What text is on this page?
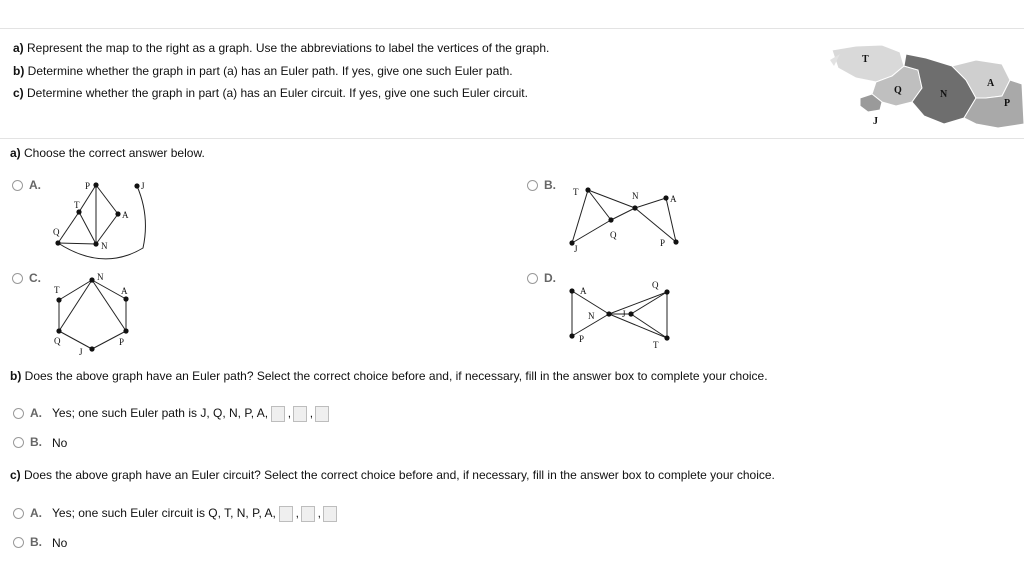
a) Represent the map to the right as a graph. Use the abbreviations to label the vertices of the graph.
b) Determine whether the graph in part (a) has an Euler path. If yes, give one such Euler path.
c) Determine whether the graph in part (a) has an Euler circuit. If yes, give one such Euler circuit.
T
Q	N
A
P
J
a) Choose the correct answer below.
A.	P	J
T
A
Q
N
B. T	N	A
Q
P
J
C.	N
T	A
Q	P
J
D.
A
Q
N	J
P
T
b) Does the above graph have an Euler path? Select the correct choice before and, if necessary, fill in the answer box to complete your choice.
A. Yes; one such Euler path is J, Q, N, P, A, , ,
B. No
c) Does the above graph have an Euler circuit? Select the correct choice before and, if necessary, fill in the answer box to complete your choice.
A. Yes; one such Euler circuit is Q, T, N, P, A, , ,
B. No
